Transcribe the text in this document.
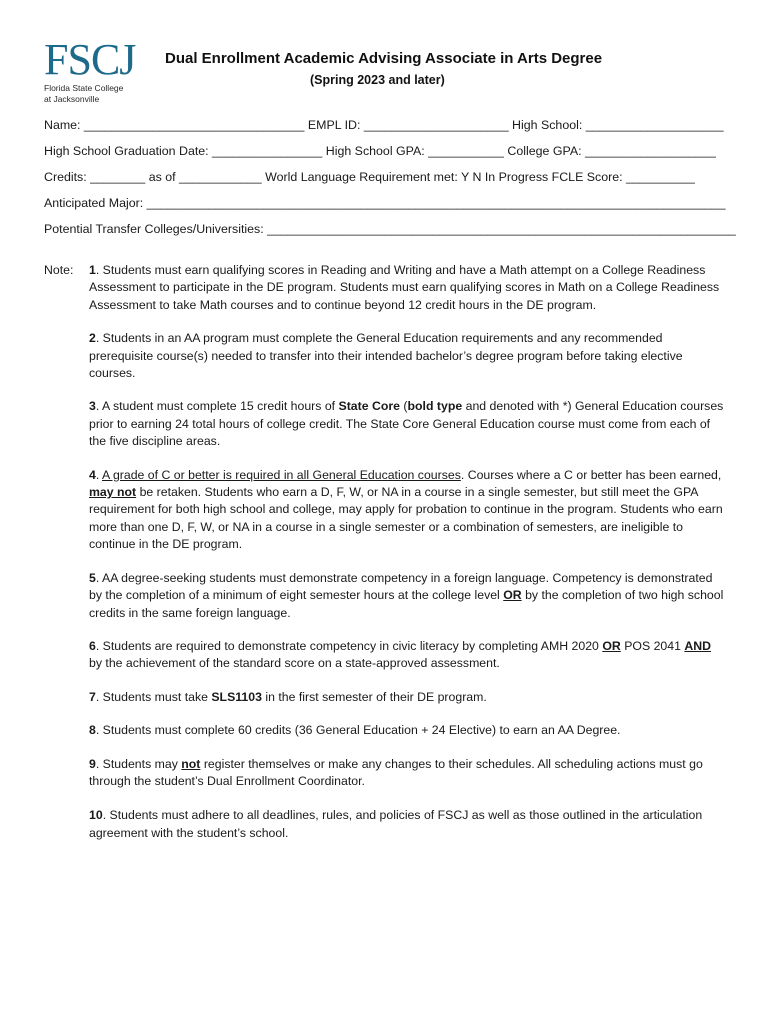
FSCJ
Florida State College
at Jacksonville
Dual Enrollment Academic Advising Associate in Arts Degree
(Spring 2023 and later)
Name: ________________________________ EMPL ID: _____________________ High School: ____________________
High School Graduation Date: ________________ High School GPA: ___________ College GPA: ___________________
Credits: ________ as of ____________ World Language Requirement met: Y N In Progress FCLE Score: __________
Anticipated Major: ____________________________________________________________________________________
Potential Transfer Colleges/Universities: ____________________________________________________________________
Note: 1. Students must earn qualifying scores in Reading and Writing and have a Math attempt on a College Readiness Assessment to participate in the DE program. Students must earn qualifying scores in Math on a College Readiness Assessment to take Math courses and to continue beyond 12 credit hours in the DE program.

2. Students in an AA program must complete the General Education requirements and any recommended prerequisite course(s) needed to transfer into their intended bachelor’s degree program before taking elective courses.

3. A student must complete 15 credit hours of State Core (bold type and denoted with *) General Education courses prior to earning 24 total hours of college credit. The State Core General Education course must come from each of the five discipline areas.

4. A grade of C or better is required in all General Education courses. Courses where a C or better has been earned, may not be retaken. Students who earn a D, F, W, or NA in a course in a single semester, but still meet the GPA requirement for both high school and college, may apply for probation to continue in the program. Students who earn more than one D, F, W, or NA in a course in a single semester or a combination of semesters, are ineligible to continue in the DE program.

5. AA degree-seeking students must demonstrate competency in a foreign language. Competency is demonstrated by the completion of a minimum of eight semester hours at the college level OR by the completion of two high school credits in the same foreign language.

6. Students are required to demonstrate competency in civic literacy by completing AMH 2020 OR POS 2041 AND by the achievement of the standard score on a state-approved assessment.

7. Students must take SLS1103 in the first semester of their DE program.

8. Students must complete 60 credits (36 General Education + 24 Elective) to earn an AA Degree.

9. Students may not register themselves or make any changes to their schedules. All scheduling actions must go through the student’s Dual Enrollment Coordinator.

10. Students must adhere to all deadlines, rules, and policies of FSCJ as well as those outlined in the articulation agreement with the student’s school.
